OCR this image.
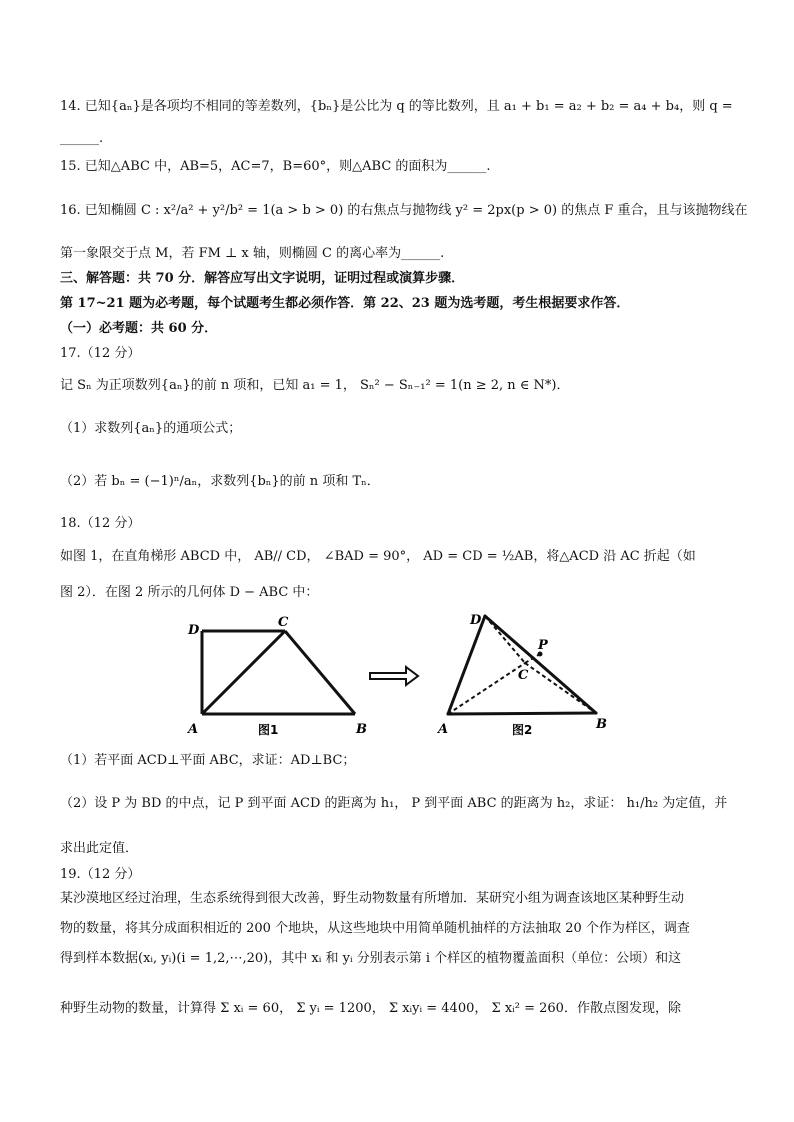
14. 已知{aₙ}是各项均不相同的等差数列，{bₙ}是公比为 q 的等比数列，且 a₁ + b₁ = a₂ + b₂ = a₄ + b₄，则 q =
______.
15. 已知△ABC 中，AB=5，AC=7，B=60°，则△ABC 的面积为______.
16. 已知椭圆 C : x²/a² + y²/b² = 1(a > b > 0) 的右焦点与抛物线 y² = 2px(p > 0) 的焦点 F 重合，且与该抛物线在
第一象限交于点 M，若 FM ⊥ x 轴，则椭圆 C 的离心率为______.
三、解答题：共 70 分．解答应写出文字说明，证明过程或演算步骤．
第 17~21 题为必考题，每个试题考生都必须作答．第 22、23 题为选考题，考生根据要求作答．
（一）必考题：共 60 分．
17.（12 分）
记 Sₙ 为正项数列{aₙ}的前 n 项和，已知 a₁ = 1， Sₙ² − Sₙ₋₁² = 1(n ≥ 2, n ∈ N*)．
（1）求数列{aₙ}的通项公式；
（2）若 bₙ = (−1)ⁿ/aₙ，求数列{bₙ}的前 n 项和 Tₙ．
18.（12 分）
如图 1，在直角梯形 ABCD 中， AB// CD， ∠BAD = 90°， AD = CD = ½AB，将△ACD 沿 AC 折起（如
图 2）．在图 2 所示的几何体 D − ABC 中：
D
C
A	B
图1
D
P
C
A	B
图2
（1）若平面 ACD⊥平面 ABC，求证：AD⊥BC；
（2）设 P 为 BD 的中点，记 P 到平面 ACD 的距离为 h₁， P 到平面 ABC 的距离为 h₂，求证： h₁/h₂ 为定值，并
求出此定值．
19.（12 分）
某沙漠地区经过治理，生态系统得到很大改善，野生动物数量有所增加．某研究小组为调查该地区某种野生动
物的数量，将其分成面积相近的 200 个地块，从这些地块中用简单随机抽样的方法抽取 20 个作为样区，调查
得到样本数据(xᵢ, yᵢ)(i = 1,2,⋯,20)，其中 xᵢ 和 yᵢ 分别表示第 i 个样区的植物覆盖面积（单位：公顷）和这
种野生动物的数量，计算得 Σ xᵢ = 60， Σ yᵢ = 1200， Σ xᵢyᵢ = 4400， Σ xᵢ² = 260．作散点图发现，除
